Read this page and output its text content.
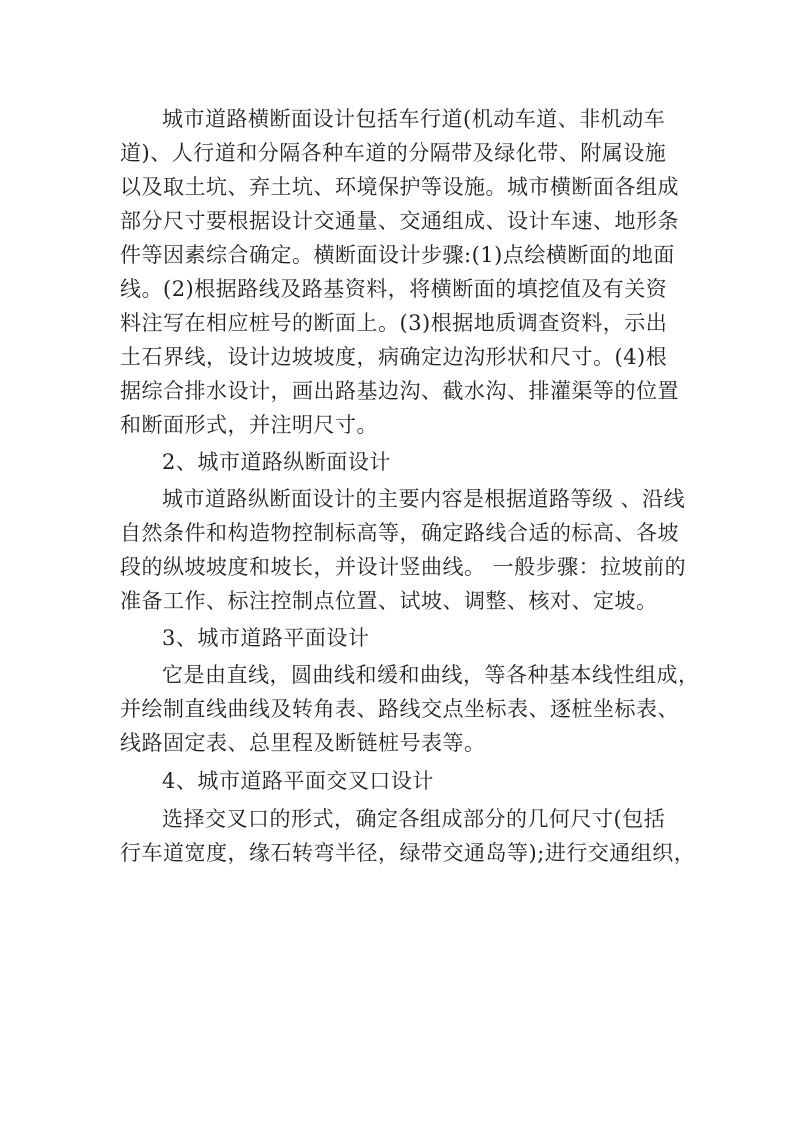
城市道路横断面设计包括车行道(机动车道、非机动车
道)、人行道和分隔各种车道的分隔带及绿化带、附属设施
以及取土坑、弃土坑、环境保护等设施。城市横断面各组成
部分尺寸要根据设计交通量、交通组成、设计车速、地形条
件等因素综合确定。横断面设计步骤:(1)点绘横断面的地面
线。(2)根据路线及路基资料，将横断面的填挖值及有关资
料注写在相应桩号的断面上。(3)根据地质调查资料，示出
土石界线，设计边坡坡度，病确定边沟形状和尺寸。(4)根
据综合排水设计，画出路基边沟、截水沟、排灌渠等的位置
和断面形式，并注明尺寸。
2、城市道路纵断面设计
城市道路纵断面设计的主要内容是根据道路等级 、沿线
自然条件和构造物控制标高等，确定路线合适的标高、各坡
段的纵坡坡度和坡长，并设计竖曲线。 一般步骤：拉坡前的
准备工作、标注控制点位置、试坡、调整、核对、定坡。
3、城市道路平面设计
它是由直线，圆曲线和缓和曲线，等各种基本线性组成，
并绘制直线曲线及转角表、路线交点坐标表、逐桩坐标表、
线路固定表、总里程及断链桩号表等。
4、城市道路平面交叉口设计
选择交叉口的形式，确定各组成部分的几何尺寸(包括
行车道宽度，缘石转弯半径，绿带交通岛等);进行交通组织，
